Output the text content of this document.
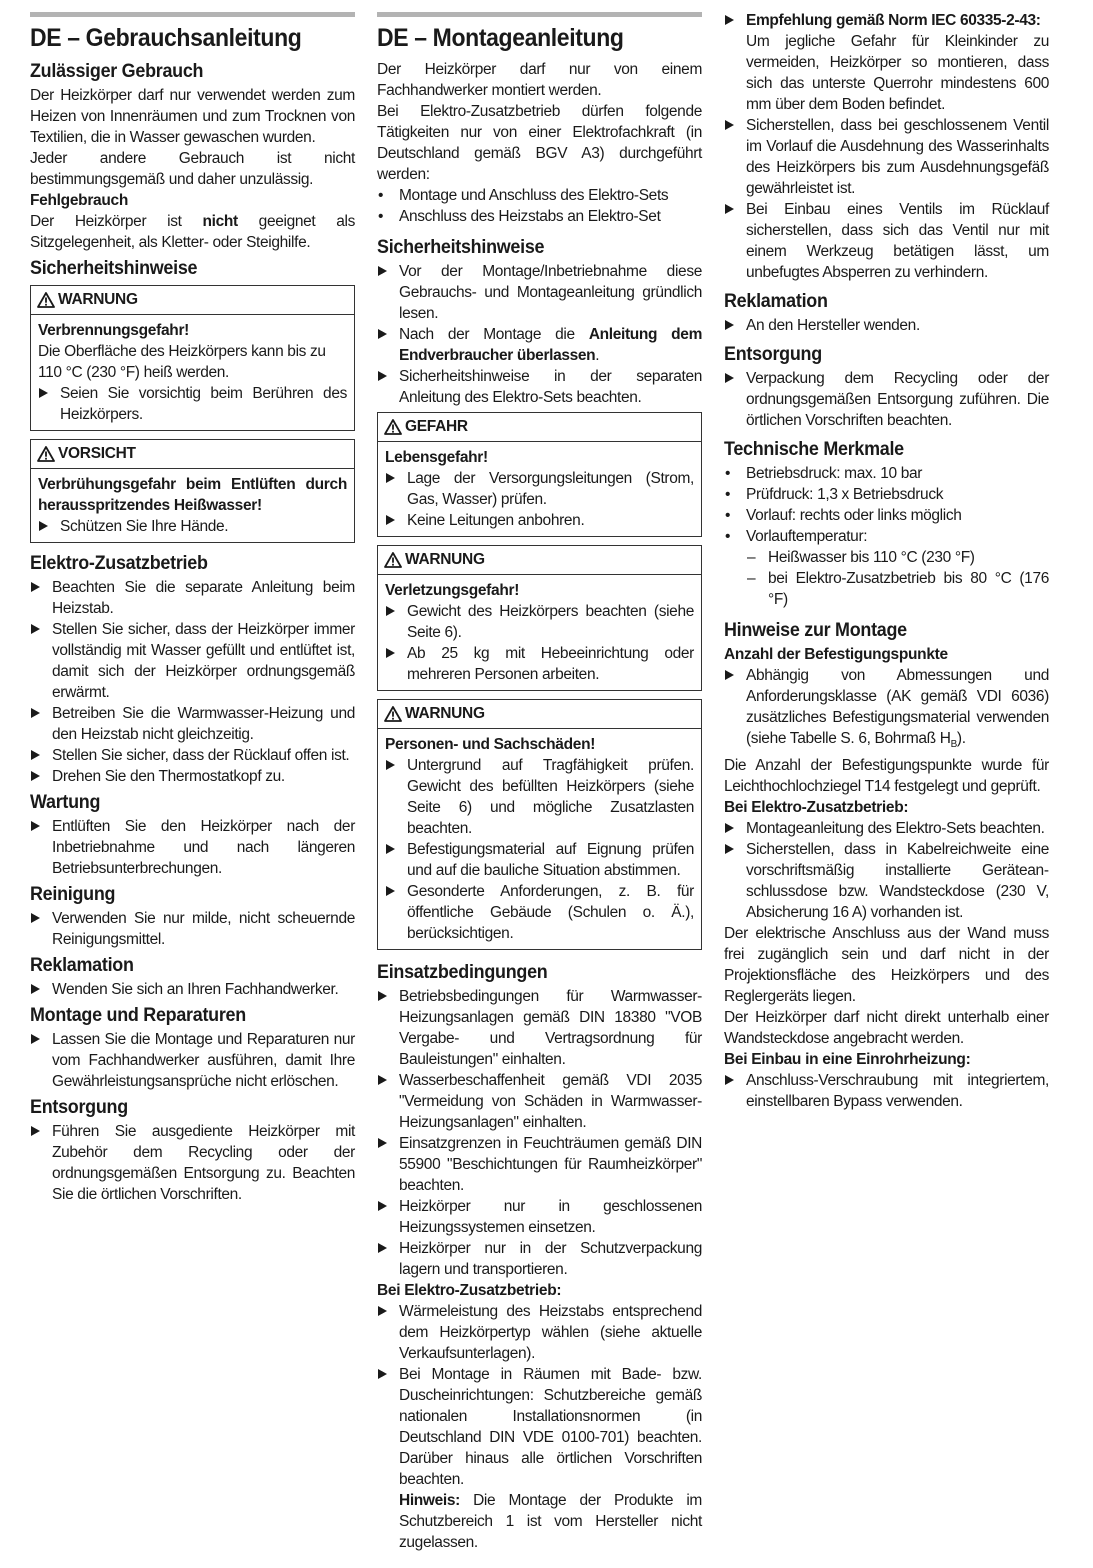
DE – Gebrauchsanleitung
Zulässiger Gebrauch

Der Heizkörper darf nur verwendet werden zum Heizen von Innenräumen und zum Trocknen von Textilien, die in Wasser gewaschen wurden.

Jeder andere Gebrauch ist nicht bestimmungsgemäß und daher unzulässig.

Fehlgebrauch

Der Heizkörper ist nicht geeignet als Sitzgelegenheit, als Kletter- oder Steighilfe.

Sicherheitshinweise
WARNUNG
Verbrennungsgefahr!

Die Oberfläche des Heizkörpers kann bis zu 110 °C (230 °F) heiß werden.

Seien Sie vorsichtig beim Berühren des Heizkörpers.
VORSICHT
Verbrühungsgefahr beim Entlüften durch herausspritzendes Heißwasser!
Schützen Sie Ihre Hände.
Elektro-Zusatzbetrieb
Beachten Sie die separate Anleitung beim Heizstab.
Stellen Sie sicher, dass der Heizkörper immer vollständig mit Wasser gefüllt und entlüftet ist, damit sich der Heizkörper ordnungsgemäß erwärmt.
Betreiben Sie die Warmwasser-Heizung und den Heizstab nicht gleichzeitig.
Stellen Sie sicher, dass der Rücklauf offen ist.
Drehen Sie den Thermostatkopf zu.
Wartung
Entlüften Sie den Heizkörper nach der Inbetriebnahme und nach längeren Betriebsunterbrechungen.
Reinigung
Verwenden Sie nur milde, nicht scheuernde Reinigungsmittel.
Reklamation
Wenden Sie sich an Ihren Fachhandwerker.
Montage und Reparaturen
Lassen Sie die Montage und Reparaturen nur vom Fachhandwerker ausführen, damit Ihre Gewährleistungsansprüche nicht erlöschen.
Entsorgung
Führen Sie ausgediente Heizkörper mit Zubehör dem Recycling oder der ordnungsgemäßen Entsorgung zu. Beachten Sie die örtlichen Vorschriften.
DE – Montageanleitung

Der Heizkörper darf nur von einem Fachhandwerker montiert werden.

Bei Elektro-Zusatzbetrieb dürfen folgende Tätigkeiten nur von einer Elektrofachkraft (in Deutschland gemäß BGV A3) durchgeführt werden:

• Montage und Anschluss des Elektro-Sets
• Anschluss des Heizstabs an Elektro-Set
Sicherheitshinweise
Vor der Montage/Inbetriebnahme diese Gebrauchs- und Montageanleitung gründlich lesen.
Nach der Montage die Anleitung dem Endverbraucher überlassen.
Sicherheitshinweise in der separaten Anleitung des Elektro-Sets beachten.
GEFAHR
Lebensgefahr!
Lage der Versorgungsleitungen (Strom, Gas, Wasser) prüfen.
Keine Leitungen anbohren.
WARNUNG
Verletzungsgefahr!
Gewicht des Heizkörpers beachten (siehe Seite 6).
Ab 25 kg mit Hebeeinrichtung oder mehreren Personen arbeiten.
WARNUNG
Personen- und Sachschäden!
Untergrund auf Tragfähigkeit prüfen. Gewicht des befüllten Heizkörpers (siehe Seite 6) und mögliche Zusatzlasten beachten.
Befestigungsmaterial auf Eignung prüfen und auf die bauliche Situation abstimmen.
Gesonderte Anforderungen, z. B. für öffentliche Gebäude (Schulen o. Ä.), berücksichtigen.
Einsatzbedingungen
Betriebsbedingungen für Warmwasser-Heizungsanlagen gemäß DIN 18380 "VOB Vergabe- und Vertragsordnung für Bauleistungen" einhalten.
Wasserbeschaffenheit gemäß VDI 2035 "Vermeidung von Schäden in Warmwasser-Heizungsanlagen" einhalten.
Einsatzgrenzen in Feuchträumen gemäß DIN 55900 "Beschichtungen für Raumheizkörper" beachten.
Heizkörper nur in geschlossenen Heizungssystemen einsetzen.
Heizkörper nur in der Schutzverpackung lagern und transportieren.
Bei Elektro-Zusatzbetrieb:
Wärmeleistung des Heizstabs entsprechend dem Heizkörpertyp wählen (siehe aktuelle Verkaufsunterlagen).
Bei Montage in Räumen mit Bade- bzw. Duscheinrichtungen: Schutzbereiche gemäß nationalen Installationsnormen (in Deutschland DIN VDE 0100-701) beachten. Darüber hinaus alle örtlichen Vorschriften beachten.
Hinweis: Die Montage der Produkte im Schutzbereich 1 ist vom Hersteller nicht zugelassen.
Empfehlung gemäß Norm IEC 60335-2-43:
Um jegliche Gefahr für Kleinkinder zu vermeiden, Heizkörper so montieren, dass sich das unterste Querrohr mindestens 600 mm über dem Boden befindet.
Sicherstellen, dass bei geschlossenem Ventil im Vorlauf die Ausdehnung des Wasserinhalts des Heizkörpers bis zum Ausdehnungsgefäß gewährleistet ist.
Bei Einbau eines Ventils im Rücklauf sicherstellen, dass sich das Ventil nur mit einem Werkzeug betätigen lässt, um unbefugtes Absperren zu verhindern.
Reklamation
An den Hersteller wenden.
Entsorgung
Verpackung dem Recycling oder der ordnungsgemäßen Entsorgung zuführen. Die örtlichen Vorschriften beachten.
Technische Merkmale
• Betriebsdruck: max. 10 bar
• Prüfdruck: 1,3 x Betriebsdruck
• Vorlauf: rechts oder links möglich
• Vorlauftemperatur:
– Heißwasser bis 110 °C (230 °F)
– bei Elektro-Zusatzbetrieb bis 80 °C (176 °F)
Hinweise zur Montage
Anzahl der Befestigungspunkte
Abhängig von Abmessungen und Anforderungsklasse (AK gemäß VDI 6036) zusätzliches Befestigungsmaterial verwenden (siehe Tabelle S. 6, Bohrmaß $H_B$).

Die Anzahl der Befestigungspunkte wurde für Leichthochlochziegel T14 festgelegt und geprüft.

Bei Elektro-Zusatzbetrieb:
Montageanleitung des Elektro-Sets beachten.
Sicherstellen, dass in Kabelreichweite eine vorschriftsmäßig installierte Geräteanschlussdose bzw. Wandsteckdose (230 V, Absicherung 16 A) vorhanden ist.

Der elektrische Anschluss aus der Wand muss frei zugänglich sein und darf nicht in der Projektionsfläche des Heizkörpers und des Reglergeräts liegen.

Der Heizkörper darf nicht direkt unterhalb einer Wandsteckdose angebracht werden.

Bei Einbau in eine Einrohrheizung:
Anschluss-Verschraubung mit integriertem, einstellbaren Bypass verwenden.
